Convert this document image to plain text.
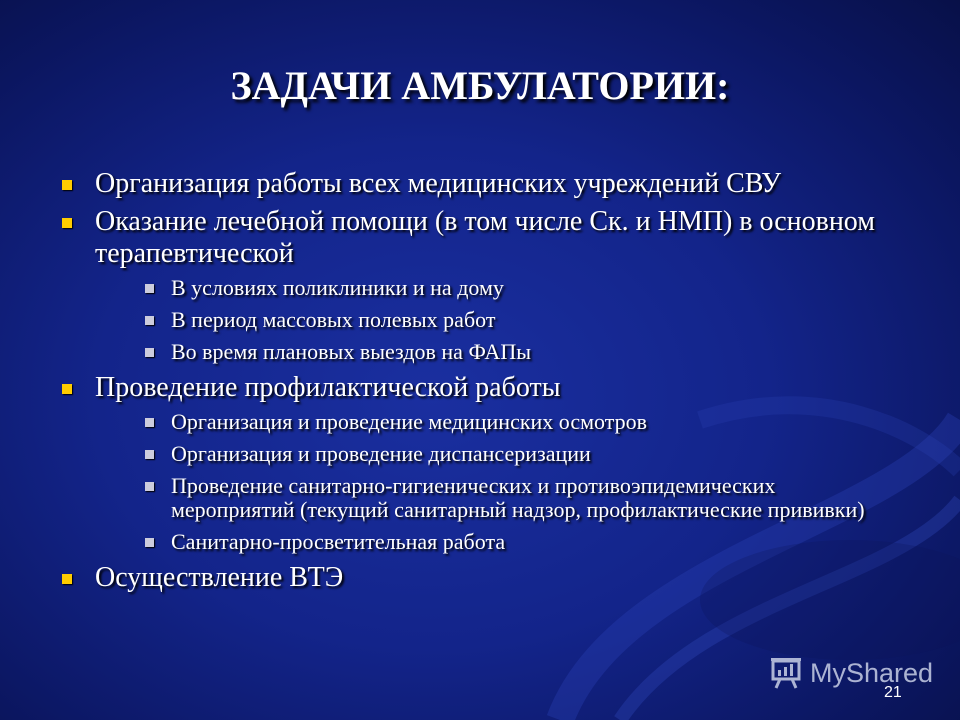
ЗАДАЧИ АМБУЛАТОРИИ:
Организация работы всех медицинских учреждений СВУ
Оказание лечебной помощи (в том числе Ск. и НМП) в основном терапевтической
В условиях поликлиники и на дому
В период массовых полевых работ
Во время плановых выездов на ФАПы
Проведение профилактической работы
Организация и проведение медицинских осмотров
Организация и проведение диспансеризации
Проведение санитарно-гигиенических и противоэпидемических мероприятий (текущий санитарный надзор, профилактические прививки)
Санитарно-просветительная работа
Осуществление ВТЭ
MyShared
21
